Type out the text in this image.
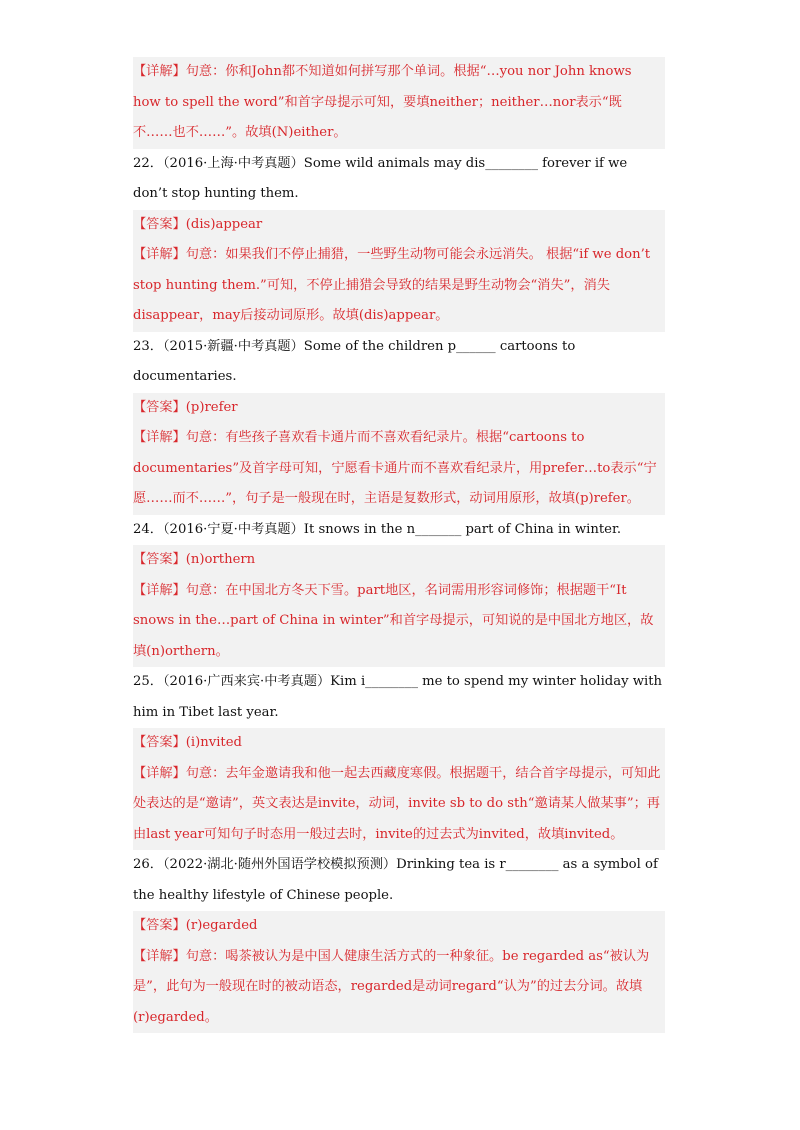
【详解】句意：你和John都不知道如何拼写那个单词。根据“…you nor John knows how to spell the word”和首字母提示可知，要填neither；neither…nor表示“既不……也不……”。故填(N)either。

22．（2016·上海·中考真题）Some wild animals may dis________ forever if we don’t stop hunting them.

【答案】(dis)appear

【详解】句意：如果我们不停止捕猎，一些野生动物可能会永远消失。 根据“if we don’t stop hunting them.”可知，不停止捕猎会导致的结果是野生动物会“消失”，消失disappear，may后接动词原形。故填(dis)appear。

23．（2015·新疆·中考真题）Some of the children p______ cartoons to documentaries.

【答案】(p)refer

【详解】句意：有些孩子喜欢看卡通片而不喜欢看纪录片。根据“cartoons to documentaries”及首字母可知，宁愿看卡通片而不喜欢看纪录片，用prefer…to表示“宁愿……而不……”，句子是一般现在时，主语是复数形式，动词用原形，故填(p)refer。

24．（2016·宁夏·中考真题）It snows in the n_______ part of China in winter.

【答案】(n)orthern

【详解】句意：在中国北方冬天下雪。part地区，名词需用形容词修饰；根据题干“It snows in the…part of China in winter”和首字母提示，可知说的是中国北方地区，故填(n)orthern。

25．（2016·广西来宾·中考真题）Kim i________ me to spend my winter holiday with him in Tibet last year.

【答案】(i)nvited

【详解】句意：去年金邀请我和他一起去西藏度寒假。根据题干，结合首字母提示，可知此处表达的是“邀请”，英文表达是invite，动词，invite sb to do sth“邀请某人做某事”；再由last year可知句子时态用一般过去时，invite的过去式为invited，故填invited。

26．（2022·湖北·随州外国语学校模拟预测）Drinking tea is r________ as a symbol of the healthy lifestyle of Chinese people.

【答案】(r)egarded

【详解】句意：喝茶被认为是中国人健康生活方式的一种象征。be regarded as“被认为是”，此句为一般现在时的被动语态，regarded是动词regard“认为”的过去分词。故填(r)egarded。
